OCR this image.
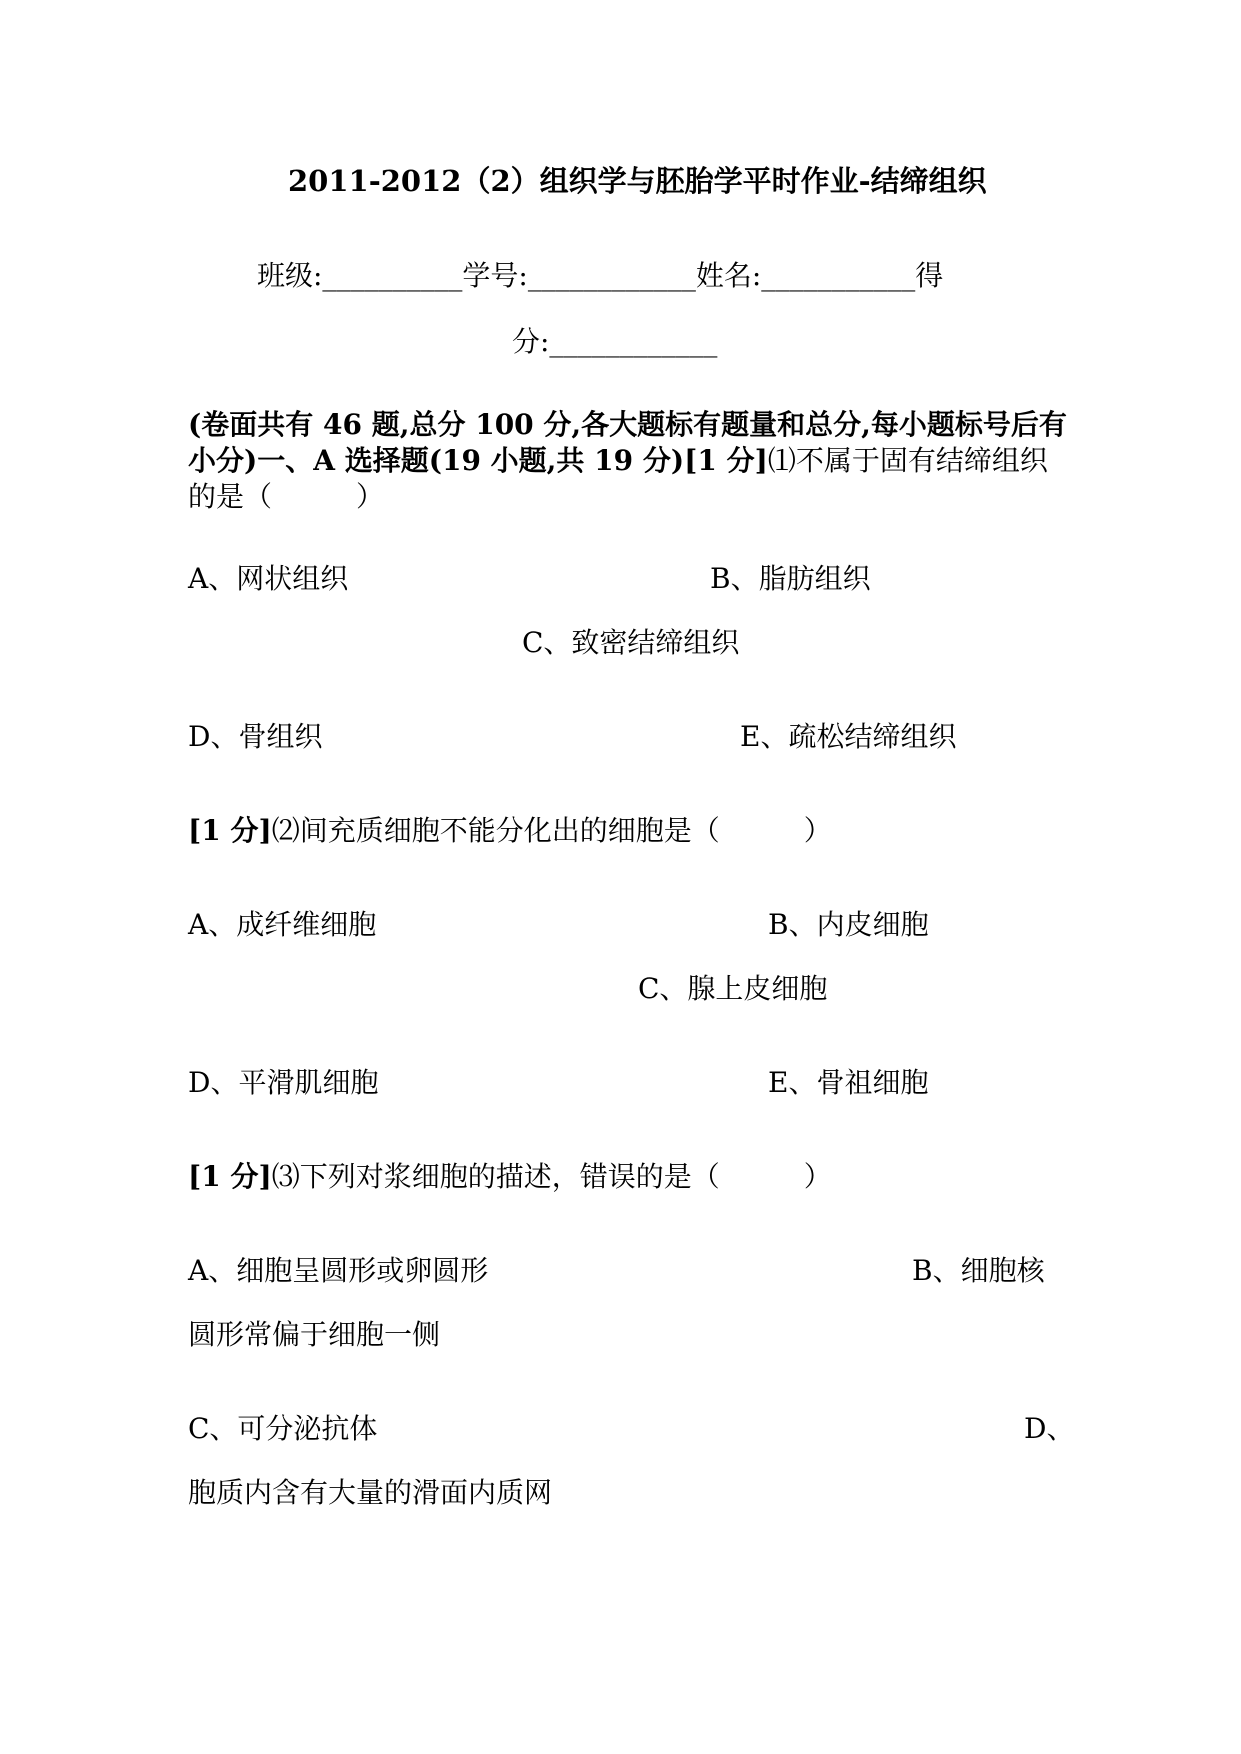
2011-2012（2）组织学与胚胎学平时作业-结缔组织
班级:__________学号:____________姓名:___________得
分:____________
(卷面共有 46 题,总分 100 分,各大题标有题量和总分,每小题标号后有小分)一、A 选择题(19 小题,共 19 分)[1 分]⑴不属于固有结缔组织的是（　　　）
A、网状组织	B、脂肪组织
C、致密结缔组织
D、骨组织	E、疏松结缔组织
[1 分]⑵间充质细胞不能分化出的细胞是（　　　）
A、成纤维细胞	B、内皮细胞
C、腺上皮细胞
D、平滑肌细胞	E、骨祖细胞
[1 分]⑶下列对浆细胞的描述，错误的是（　　　）
A、细胞呈圆形或卵圆形	B、细胞核
圆形常偏于细胞一侧
C、可分泌抗体	D、
胞质内含有大量的滑面内质网
